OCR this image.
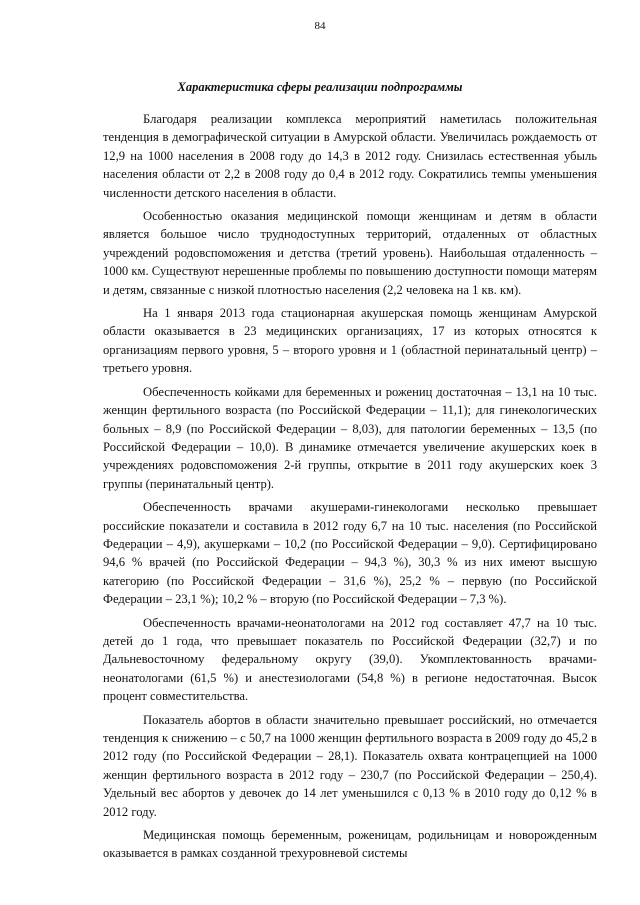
84
Характеристика сферы реализации подпрограммы

Благодаря реализации комплекса мероприятий наметилась положительная тенденция в демографической ситуации в Амурской области. Увеличилась рождаемость от 12,9 на 1000 населения в 2008 году до 14,3 в 2012 году. Снизилась естественная убыль населения области от 2,2 в 2008 году до 0,4 в 2012 году. Сократились темпы уменьшения численности детского населения в области.

Особенностью оказания медицинской помощи женщинам и детям в области является большое число труднодоступных территорий, отдаленных от областных учреждений родовспоможения и детства (третий уровень). Наибольшая отдаленность – 1000 км. Существуют нерешенные проблемы по повышению доступности помощи матерям и детям, связанные с низкой плотностью населения (2,2 человека на 1 кв. км).

На 1 января 2013 года стационарная акушерская помощь женщинам Амурской области оказывается в 23 медицинских организациях, 17 из которых относятся к организациям первого уровня, 5 – второго уровня и 1 (областной перинатальный центр) – третьего уровня.

Обеспеченность койками для беременных и рожениц достаточная – 13,1 на 10 тыс. женщин фертильного возраста (по Российской Федерации – 11,1); для гинекологических больных – 8,9 (по Российской Федерации – 8,03), для патологии беременных – 13,5 (по Российской Федерации – 10,0). В динамике отмечается увеличение акушерских коек в учреждениях родовспоможения 2-й группы, открытие в 2011 году акушерских коек 3 группы (перинатальный центр).

Обеспеченность врачами акушерами-гинекологами несколько превышает российские показатели и составила в 2012 году 6,7 на 10 тыс. населения (по Российской Федерации – 4,9), акушерками – 10,2 (по Российской Федерации – 9,0). Сертифицировано 94,6 % врачей (по Российской Федерации – 94,3 %), 30,3 % из них имеют высшую категорию (по Российской Федерации – 31,6 %), 25,2 % – первую (по Российской Федерации – 23,1 %); 10,2 % – вторую (по Российской Федерации – 7,3 %).

Обеспеченность врачами-неонатологами на 2012 год составляет 47,7 на 10 тыс. детей до 1 года, что превышает показатель по Российской Федерации (32,7) и по Дальневосточному федеральному округу (39,0). Укомплектованность врачами-неонатологами (61,5 %) и анестезиологами (54,8 %) в регионе недостаточная. Высок процент совместительства.

Показатель абортов в области значительно превышает российский, но отмечается тенденция к снижению – с 50,7 на 1000 женщин фертильного возраста в 2009 году до 45,2 в 2012 году (по Российской Федерации – 28,1). Показатель охвата контрацепцией на 1000 женщин фертильного возраста в 2012 году – 230,7 (по Российской Федерации – 250,4). Удельный вес абортов у девочек до 14 лет уменьшился с 0,13 % в 2010 году до 0,12 % в 2012 году.

Медицинская помощь беременным, роженицам, родильницам и новорожденным оказывается в рамках созданной трехуровневой системы
